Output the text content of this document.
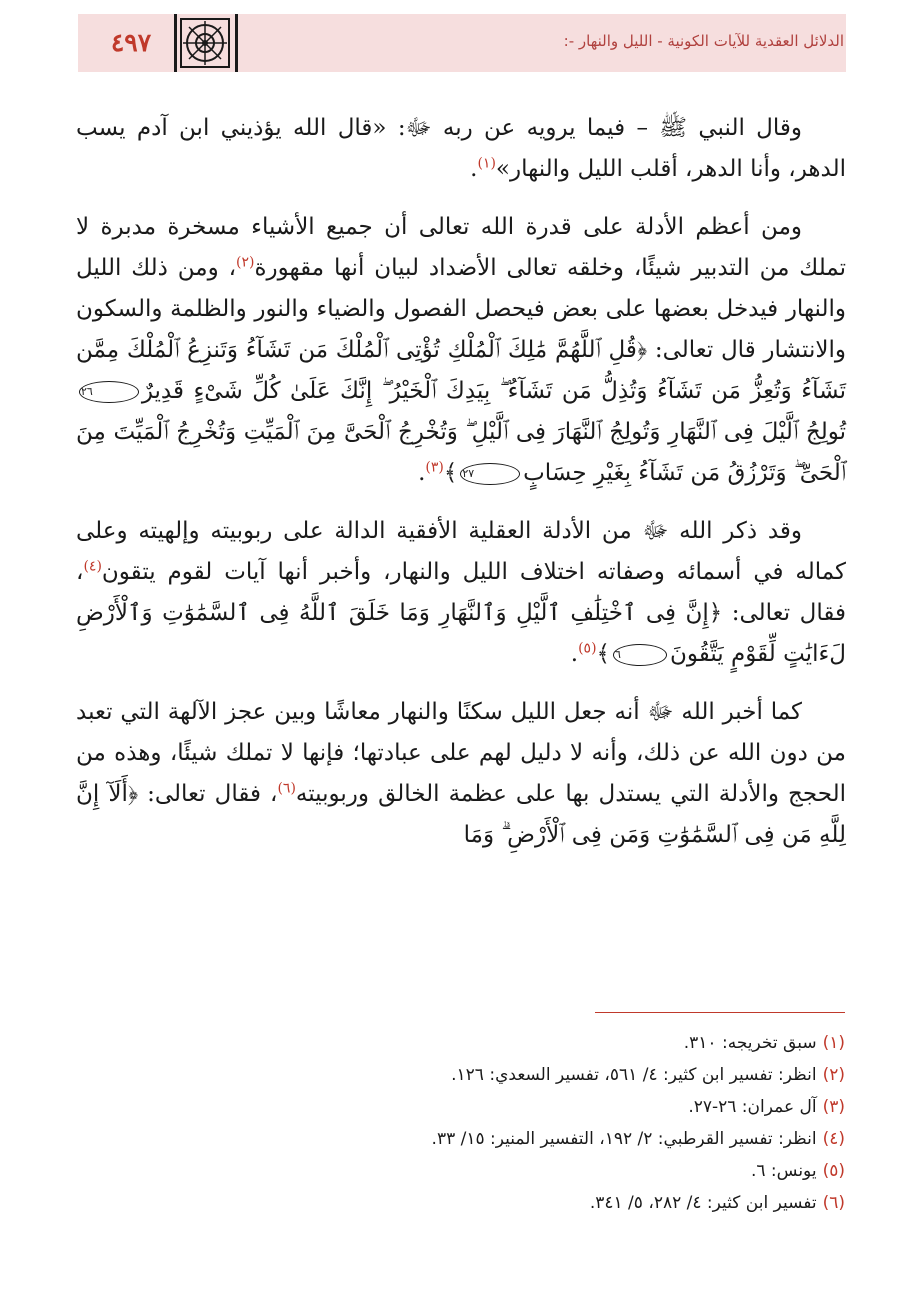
٤٩٧	الدلائل العقدية للآيات الكونية - الليل والنهار -‏:

وقال النبي ﷺ – فيما يرويه عن ربه ﷻ: «قال الله يؤذيني ابن آدم يسب الدهر، وأنا الدهر، أقلب الليل والنهار»$^{(١)}$.

ومن أعظم الأدلة على قدرة الله تعالى أن جميع الأشياء مسخرة مدبرة لا تملك من التدبير شيئًا، وخلقه تعالى الأضداد لبيان أنها مقهورة$^{(٢)}$، ومن ذلك الليل والنهار فيدخل بعضها على بعض فيحصل الفصول والضياء والنور والظلمة والسكون والانتشار قال تعالى: ﴿قُلِ ٱللَّهُمَّ مَٰلِكَ ٱلْمُلْكِ تُؤْتِى ٱلْمُلْكَ مَن تَشَآءُ وَتَنزِعُ ٱلْمُلْكَ مِمَّن تَشَآءُ وَتُعِزُّ مَن تَشَآءُ وَتُذِلُّ مَن تَشَآءُ ۖ بِيَدِكَ ٱلْخَيْرُ ۖ إِنَّكَ عَلَىٰ كُلِّ شَىْءٍ قَدِيرٌ٢٦ تُولِجُ ٱلَّيْلَ فِى ٱلنَّهَارِ وَتُولِجُ ٱلنَّهَارَ فِى ٱلَّيْلِ ۖ وَتُخْرِجُ ٱلْحَىَّ مِنَ ٱلْمَيِّتِ وَتُخْرِجُ ٱلْمَيِّتَ مِنَ ٱلْحَىِّ ۖ وَتَرْزُقُ مَن تَشَآءُ بِغَيْرِ حِسَابٍ٢٧﴾$^{(٣)}$.

وقد ذكر الله ﷻ من الأدلة العقلية الأفقية الدالة على ربوبيته وإلهيته وعلى كماله في أسمائه وصفاته اختلاف الليل والنهار، وأخبر أنها آيات لقوم يتقون$^{(٤)}$، فقال تعالى: ﴿إِنَّ فِى ٱخْتِلَٰفِ ٱلَّيْلِ وَٱلنَّهَارِ وَمَا خَلَقَ ٱللَّهُ فِى ٱلسَّمَٰوَٰتِ وَٱلْأَرْضِ لَءَايَٰتٍ لِّقَوْمٍ يَتَّقُونَ٦﴾$^{(٥)}$.

كما أخبر الله ﷻ أنه جعل الليل سكنًا والنهار معاشًا وبين عجز الآلهة التي تعبد من دون الله عن ذلك، وأنه لا دليل لهم على عبادتها؛ فإنها لا تملك شيئًا، وهذه من الحجج والأدلة التي يستدل بها على عظمة الخالق وربوبيته$^{(٦)}$، فقال تعالى: ﴿أَلَآ إِنَّ لِلَّهِ مَن فِى ٱلسَّمَٰوَٰتِ وَمَن فِى ٱلْأَرْضِ ۗ وَمَا

(١)سبق تخريجه: ٣١٠.

(٢)انظر: تفسير ابن كثير: ٤/ ٥٦١، تفسير السعدي: ١٢٦.

(٣)آل عمران: ٢٦-٢٧.

(٤)انظر: تفسير القرطبي: ٢/ ١٩٢، التفسير المنير: ١٥/ ٣٣.

(٥)يونس: ٦.

(٦)تفسير ابن كثير: ٤/ ٢٨٢، ٥/ ٣٤١.
